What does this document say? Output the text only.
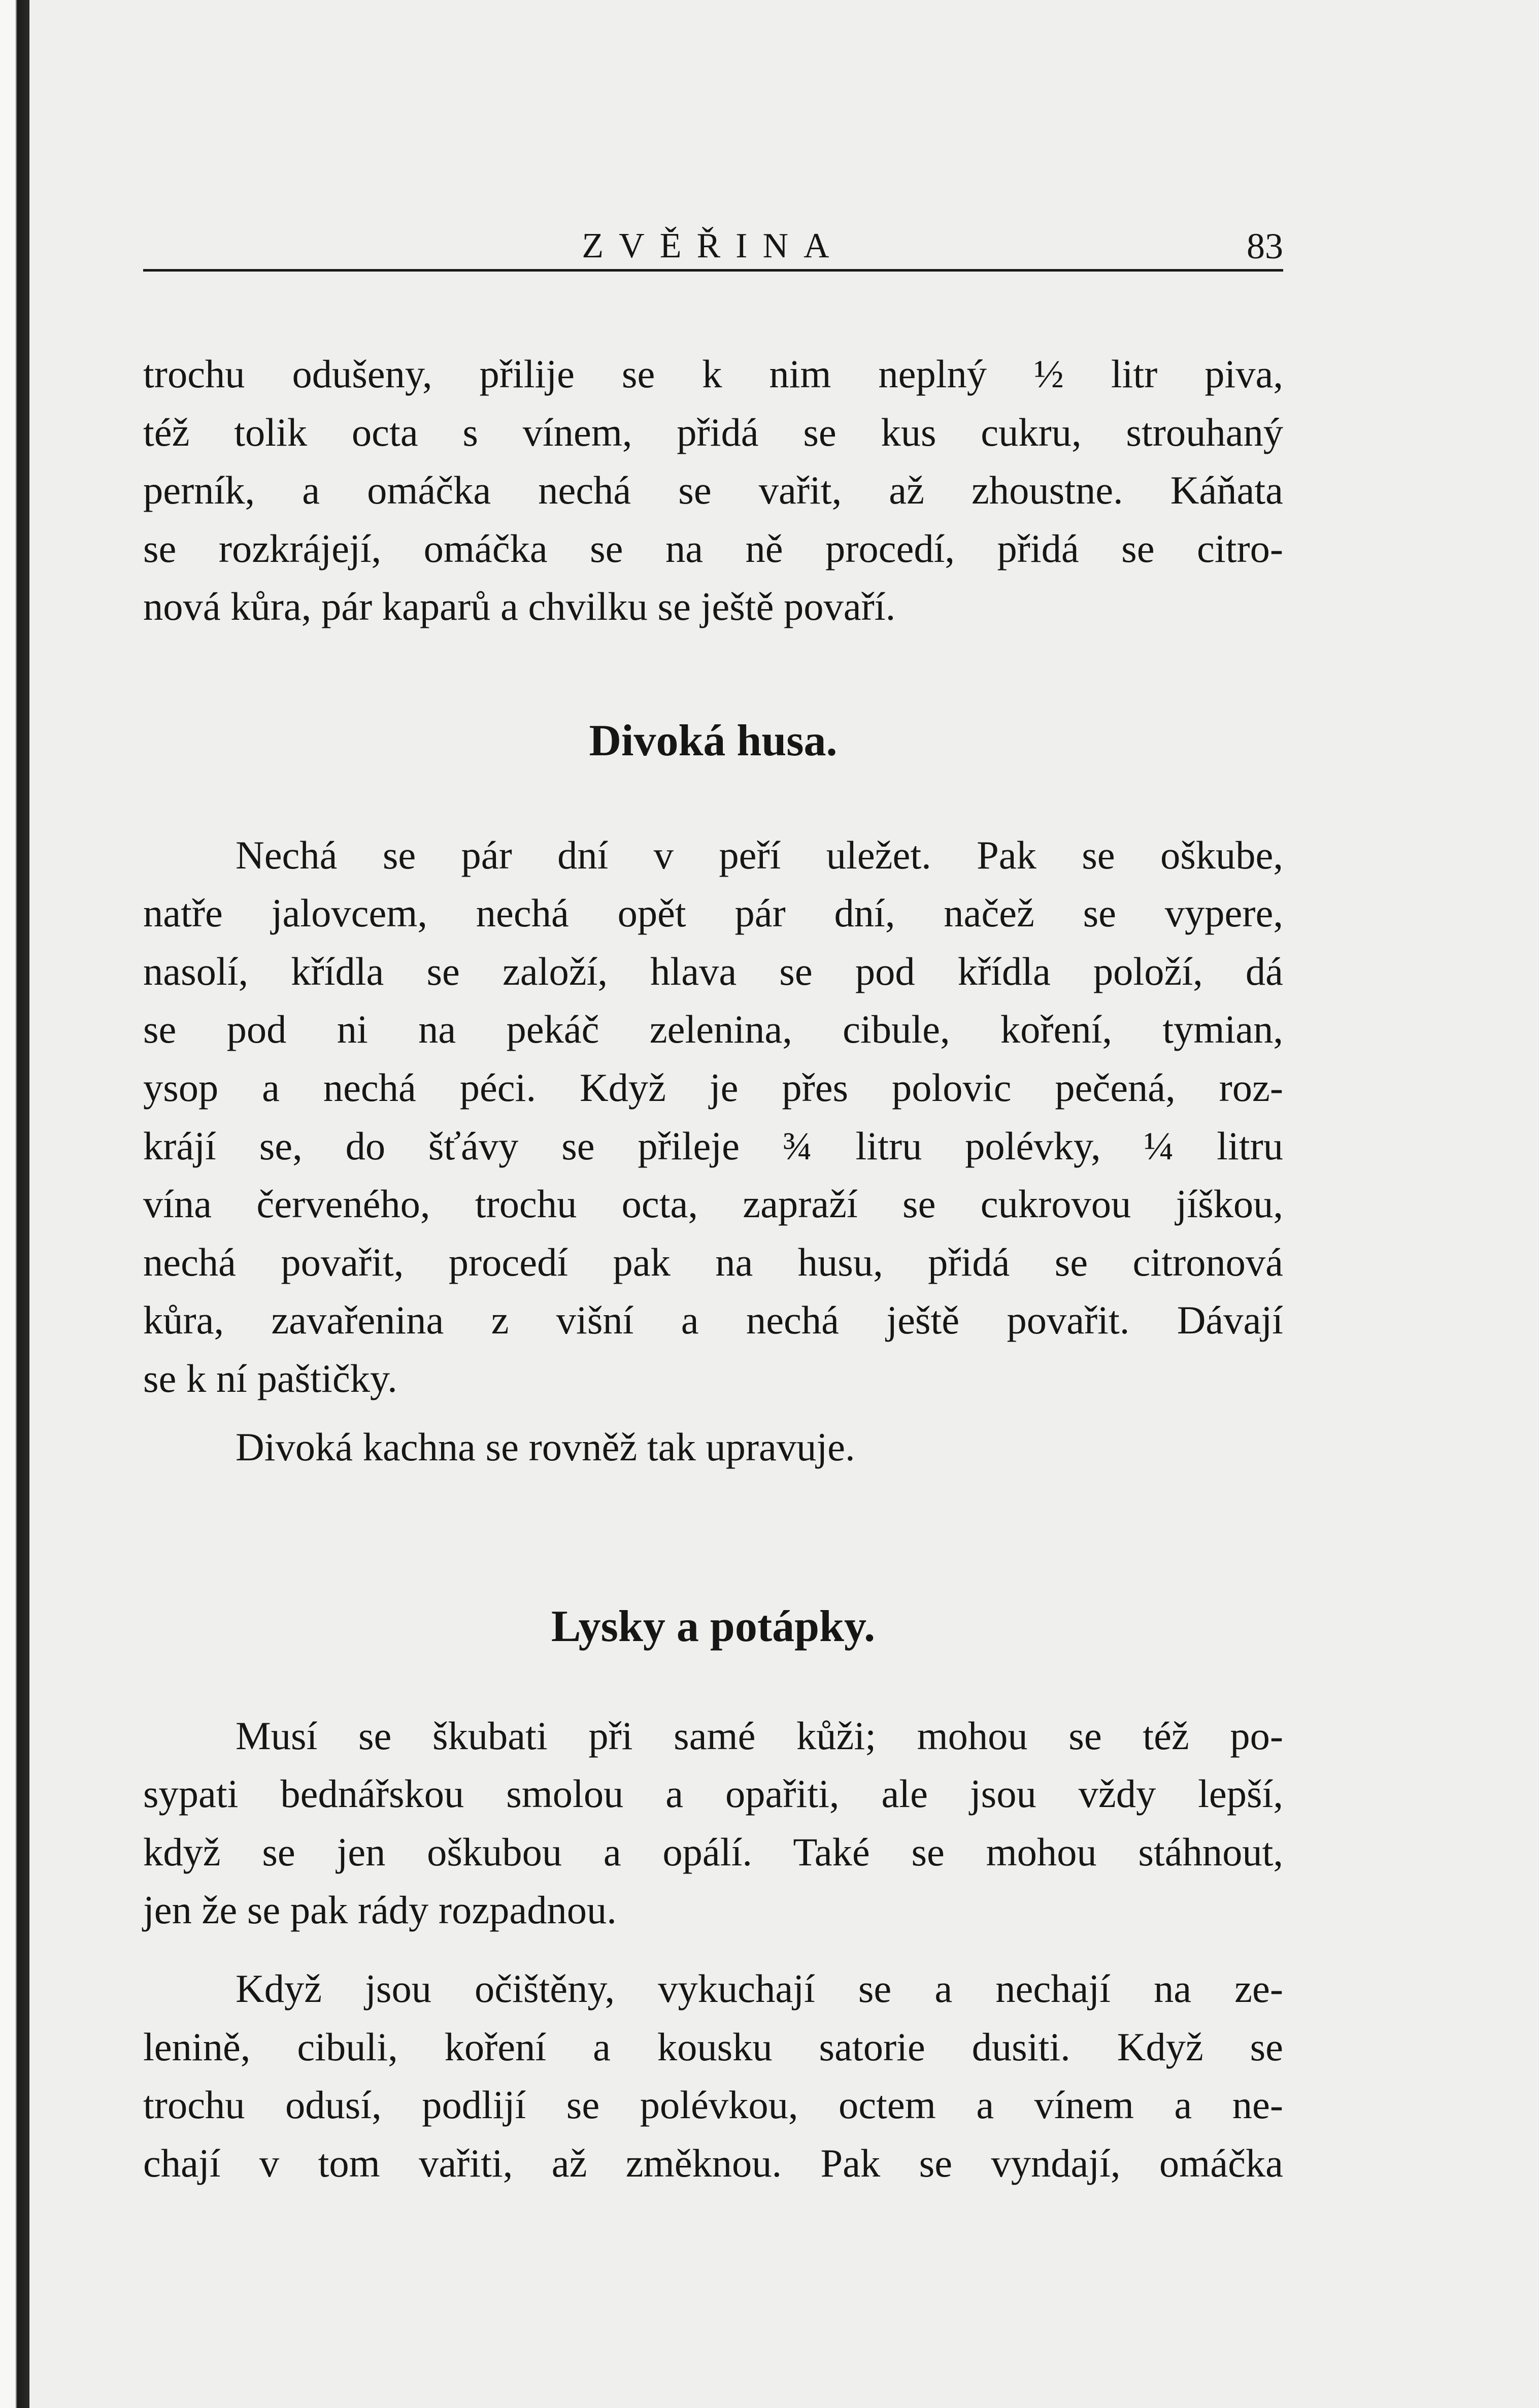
ZVĚŘINA	83

trochu odušeny, přilije se k nim neplný ½ litr piva,

též tolik octa s vínem, přidá se kus cukru, strouhaný

perník, a omáčka nechá se vařit, až zhoustne. Káňata

se rozkrájejí, omáčka se na ně procedí, přidá se citro-

nová kůra, pár kaparů a chvilku se ještě povaří.

Divoká husa.

Nechá se pár dní v peří uležet. Pak se oškube,

natře jalovcem, nechá opět pár dní, načež se vypere,

nasolí, křídla se založí, hlava se pod křídla položí, dá

se pod ni na pekáč zelenina, cibule, koření, tymian,

ysop a nechá péci. Když je přes polovic pečená, roz-

krájí se, do šťávy se přileje ¾ litru polévky, ¼ litru

vína červeného, trochu octa, zapraží se cukrovou jíškou,

nechá povařit, procedí pak na husu, přidá se citronová

kůra, zavařenina z višní a nechá ještě povařit. Dávají

se k ní paštičky.

Divoká kachna se rovněž tak upravuje.

Lysky a potápky.

Musí se škubati při samé kůži; mohou se též po-

sypati bednářskou smolou a opařiti, ale jsou vždy lepší,

když se jen oškubou a opálí. Také se mohou stáhnout,

jen že se pak rády rozpadnou.

Když jsou očištěny, vykuchají se a nechají na ze-

lenině, cibuli, koření a kousku satorie dusiti. Když se

trochu odusí, podlijí se polévkou, octem a vínem a ne-

chají v tom vařiti, až změknou. Pak se vyndají, omáčka
